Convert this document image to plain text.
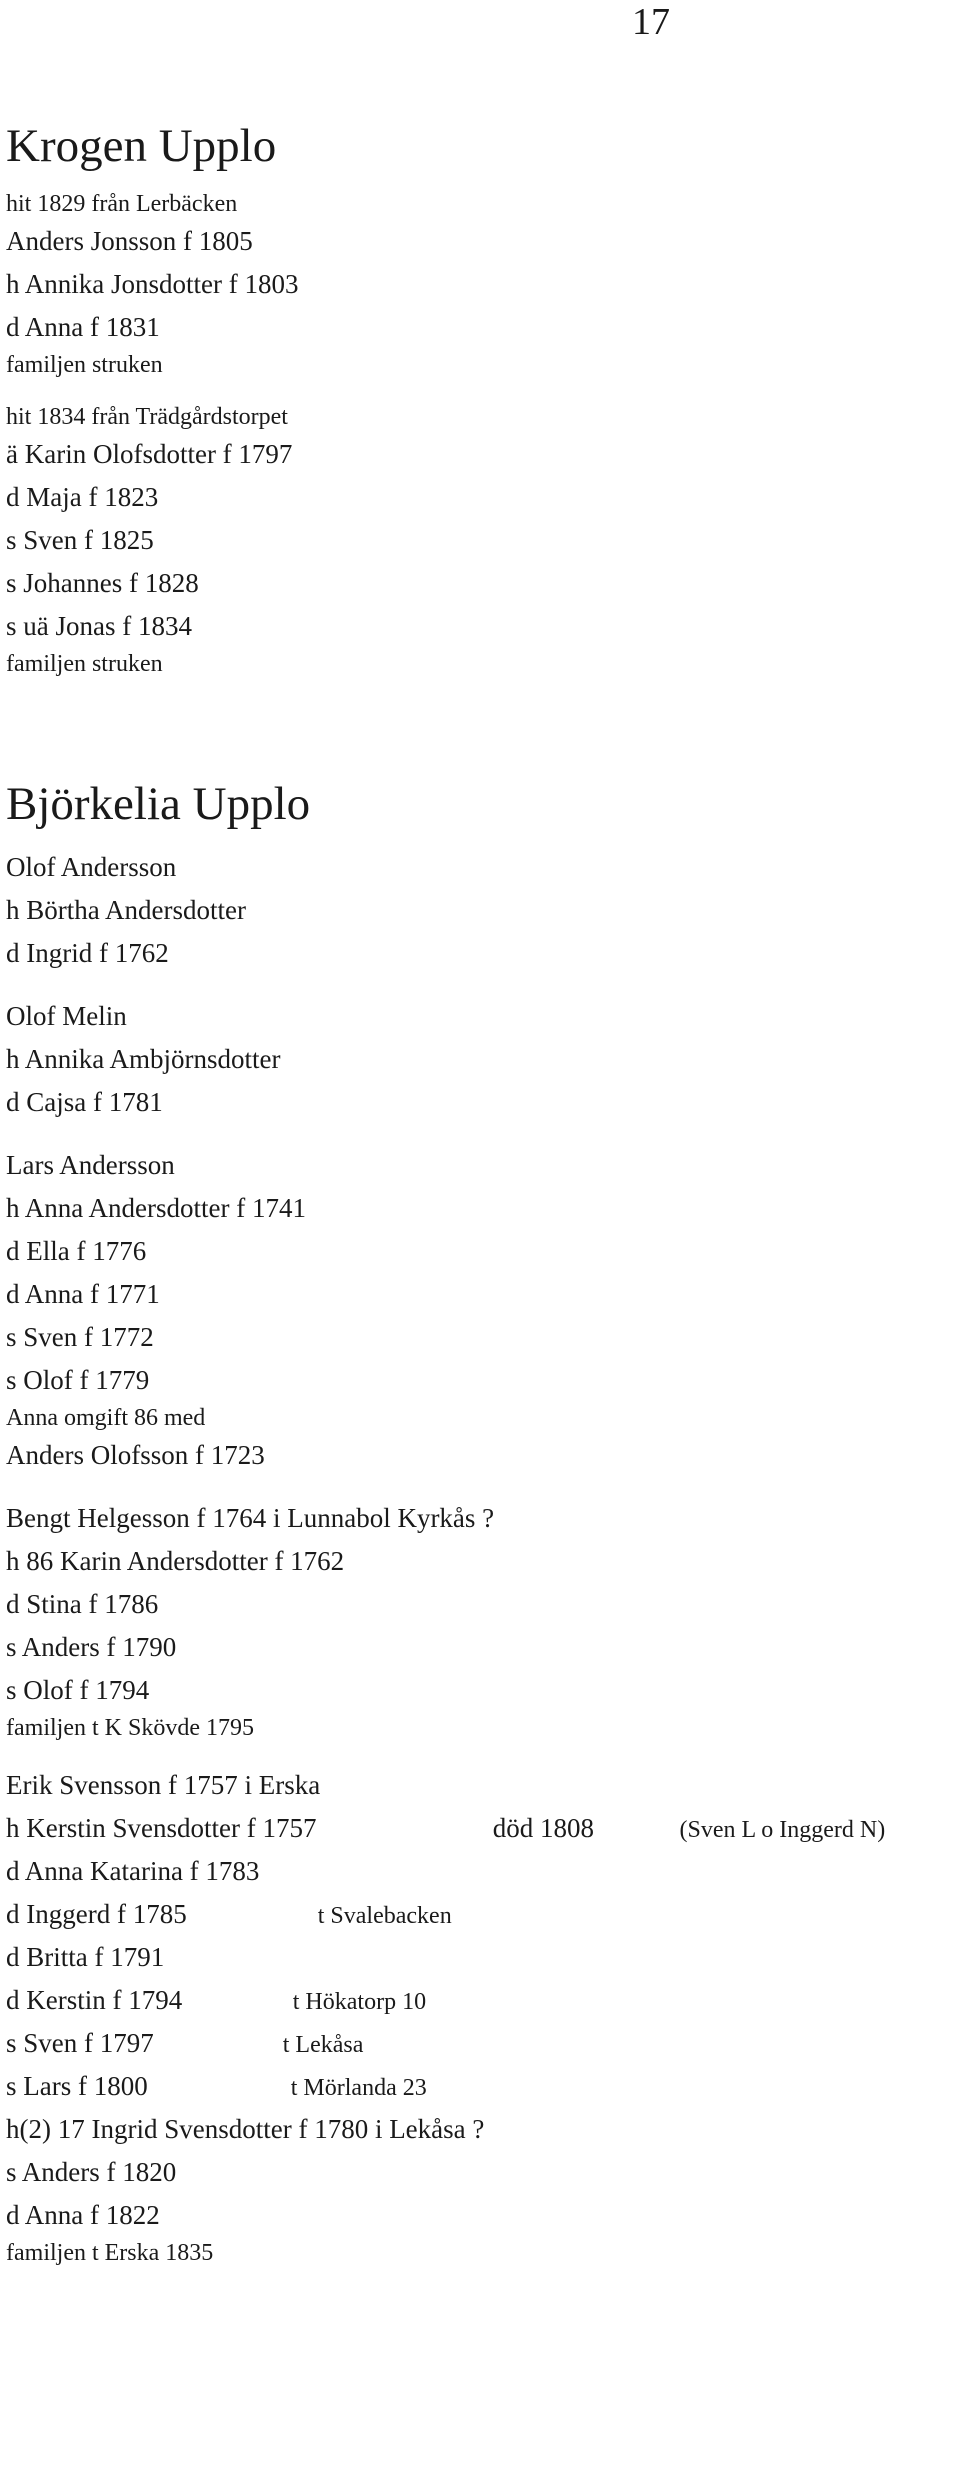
17
Krogen Upplo
hit 1829 från Lerbäcken
Anders Jonsson f 1805
h Annika Jonsdotter f 1803
d Anna f 1831
familjen struken
hit 1834 från Trädgårdstorpet
ä Karin Olofsdotter f 1797
d Maja f 1823
s Sven f 1825
s Johannes f 1828
s uä Jonas f 1834
familjen struken
Björkelia Upplo
Olof Andersson
h Börtha Andersdotter
d Ingrid f 1762
Olof Melin
h Annika Ambjörnsdotter
d Cajsa f 1781
Lars Andersson
h Anna Andersdotter f 1741
d Ella f 1776
d Anna f 1771
s Sven f 1772
s Olof f 1779
Anna omgift 86 med
Anders Olofsson f 1723
Bengt Helgesson f 1764 i Lunnabol Kyrkås ?
h 86 Karin Andersdotter f 1762
d Stina f 1786
s Anders f 1790
s Olof f 1794
familjen t K Skövde 1795
Erik Svensson f 1757 i Erska
h Kerstin Svensdotter f 1757	död 1808	(Sven L o Inggerd N)
d Anna Katarina f 1783
d Inggerd f 1785	t Svalebacken
d Britta f 1791
d Kerstin f 1794	t Hökatorp 10
s Sven f 1797	t Lekåsa
s Lars f 1800	t Mörlanda 23
h(2) 17 Ingrid Svensdotter f 1780 i Lekåsa ?
s Anders f 1820
d Anna f 1822
familjen t Erska 1835
